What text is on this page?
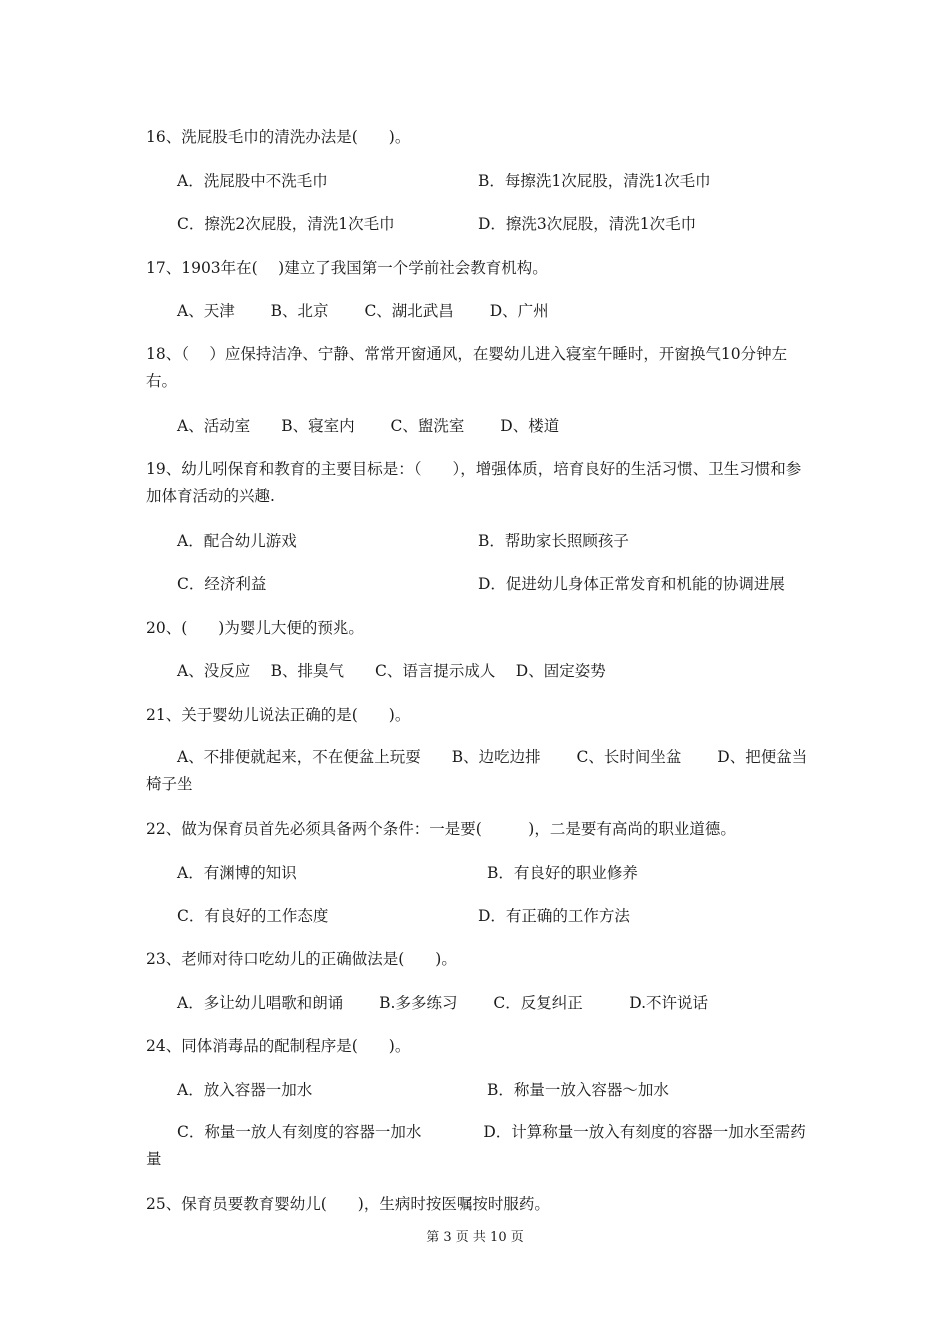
16、洗屁股毛巾的清洗办法是(　　)。
A．洗屁股中不洗毛巾	B．每擦洗1次屁股，清洗1次毛巾
C．擦洗2次屁股，清洗1次毛巾	D．擦洗3次屁股，清洗1次毛巾
17、1903年在(　 )建立了我国第一个学前社会教育机构。
A、天津　　 B、北京　　 C、湖北武昌　　 D、广州
18、（　 ）应保持洁净、宁静、常常开窗通风，在婴幼儿进入寝室午睡时，开窗换气10分钟左右。
A、活动室　　B、寝室内　　 C、盥洗室　　 D、楼道
19、幼儿吲保育和教育的主要目标是：（　　），增强体质，培育良好的生活习惯、卫生习惯和参加体育活动的兴趣.
A．配合幼儿游戏	B．帮助家长照顾孩子
C．经济利益	D．促进幼儿身体正常发育和机能的协调进展
20、(　　)为婴儿大便的预兆。
A、没反应　 B、排臭气　　C、语言提示成人　 D、固定姿势
21、关于婴幼儿说法正确的是(　　)。
A、不排便就起来，不在便盆上玩耍　　B、边吃边排　　 C、长时间坐盆　　 D、把便盆当椅子坐
22、做为保育员首先必须具备两个条件：一是要(　　　)，二是要有高尚的职业道德。
A．有渊博的知识	B．有良好的职业修养
C．有良好的工作态度	D．有正确的工作方法
23、老师对待口吃幼儿的正确做法是(　　)。
A．多让幼儿唱歌和朗诵　　 B.多多练习　　 C．反复纠正　　　D.不许说话
24、同体消毒品的配制程序是(　　)。
A．放入容器一加水	B．称量一放入容器～加水
C．称量一放人有刻度的容器一加水　　　　D．计算称量一放入有刻度的容器一加水至需药量
25、保育员要教育婴幼儿(　　)，生病时按医嘱按时服药。
第 3 页 共 10 页
